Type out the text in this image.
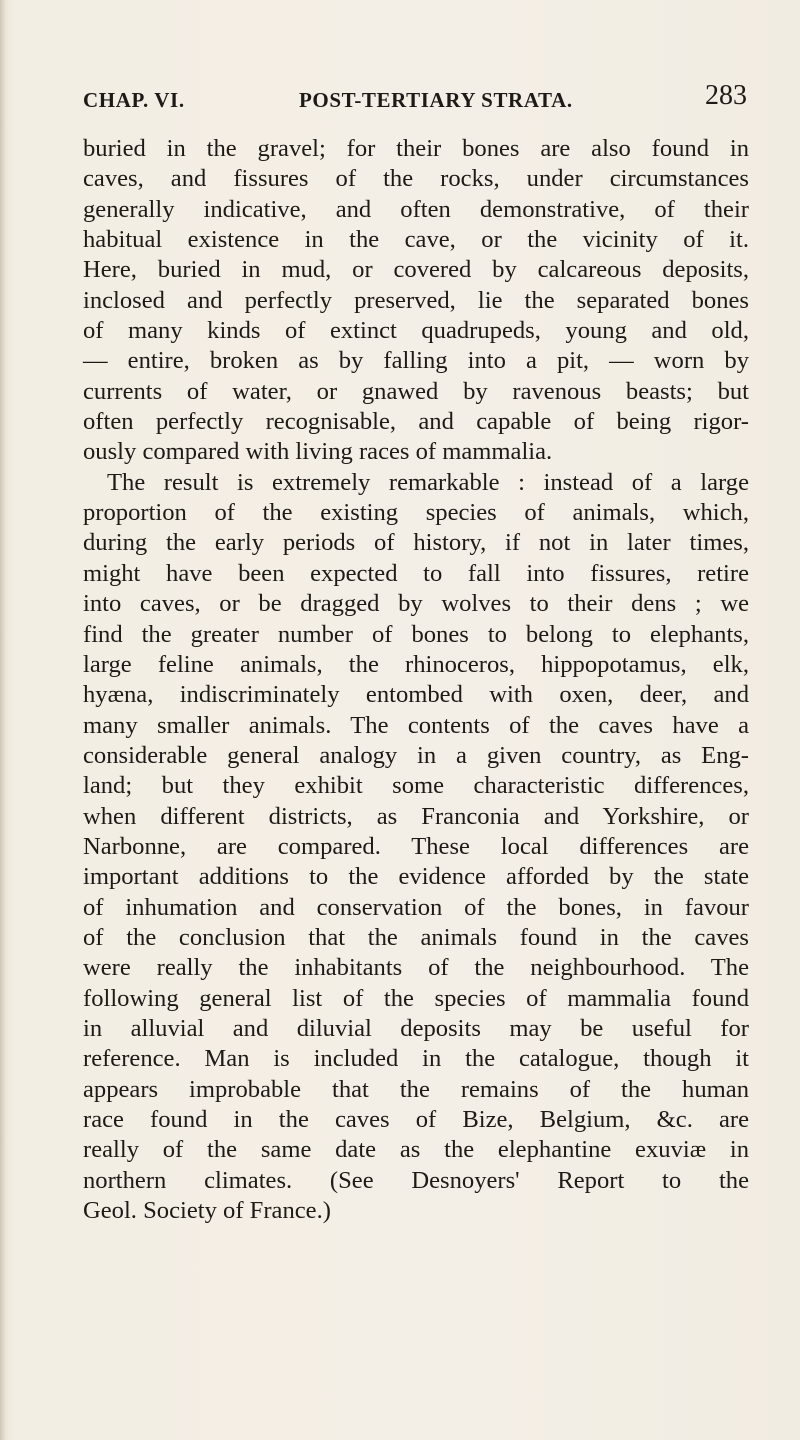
CHAP. VI.	POST-TERTIARY STRATA.	283
buried in the gravel; for their bones are also found in
caves, and fissures of the rocks, under circumstances
generally indicative, and often demonstrative, of their
habitual existence in the cave, or the vicinity of it.
Here, buried in mud, or covered by calcareous deposits,
inclosed and perfectly preserved, lie the separated bones
of many kinds of extinct quadrupeds, young and old,
— entire, broken as by falling into a pit, — worn by
currents of water, or gnawed by ravenous beasts; but
often perfectly recognisable, and capable of being rigor-
ously compared with living races of mammalia.
The result is extremely remarkable : instead of a large
proportion of the existing species of animals, which,
during the early periods of history, if not in later times,
might have been expected to fall into fissures, retire
into caves, or be dragged by wolves to their dens ; we
find the greater number of bones to belong to elephants,
large feline animals, the rhinoceros, hippopotamus, elk,
hyæna, indiscriminately entombed with oxen, deer, and
many smaller animals. The contents of the caves have a
considerable general analogy in a given country, as Eng-
land; but they exhibit some characteristic differences,
when different districts, as Franconia and Yorkshire, or
Narbonne, are compared. These local differences are
important additions to the evidence afforded by the state
of inhumation and conservation of the bones, in favour
of the conclusion that the animals found in the caves
were really the inhabitants of the neighbourhood. The
following general list of the species of mammalia found
in alluvial and diluvial deposits may be useful for
reference. Man is included in the catalogue, though it
appears improbable that the remains of the human
race found in the caves of Bize, Belgium, &c. are
really of the same date as the elephantine exuviæ in
northern climates. (See Desnoyers' Report to the
Geol. Society of France.)
